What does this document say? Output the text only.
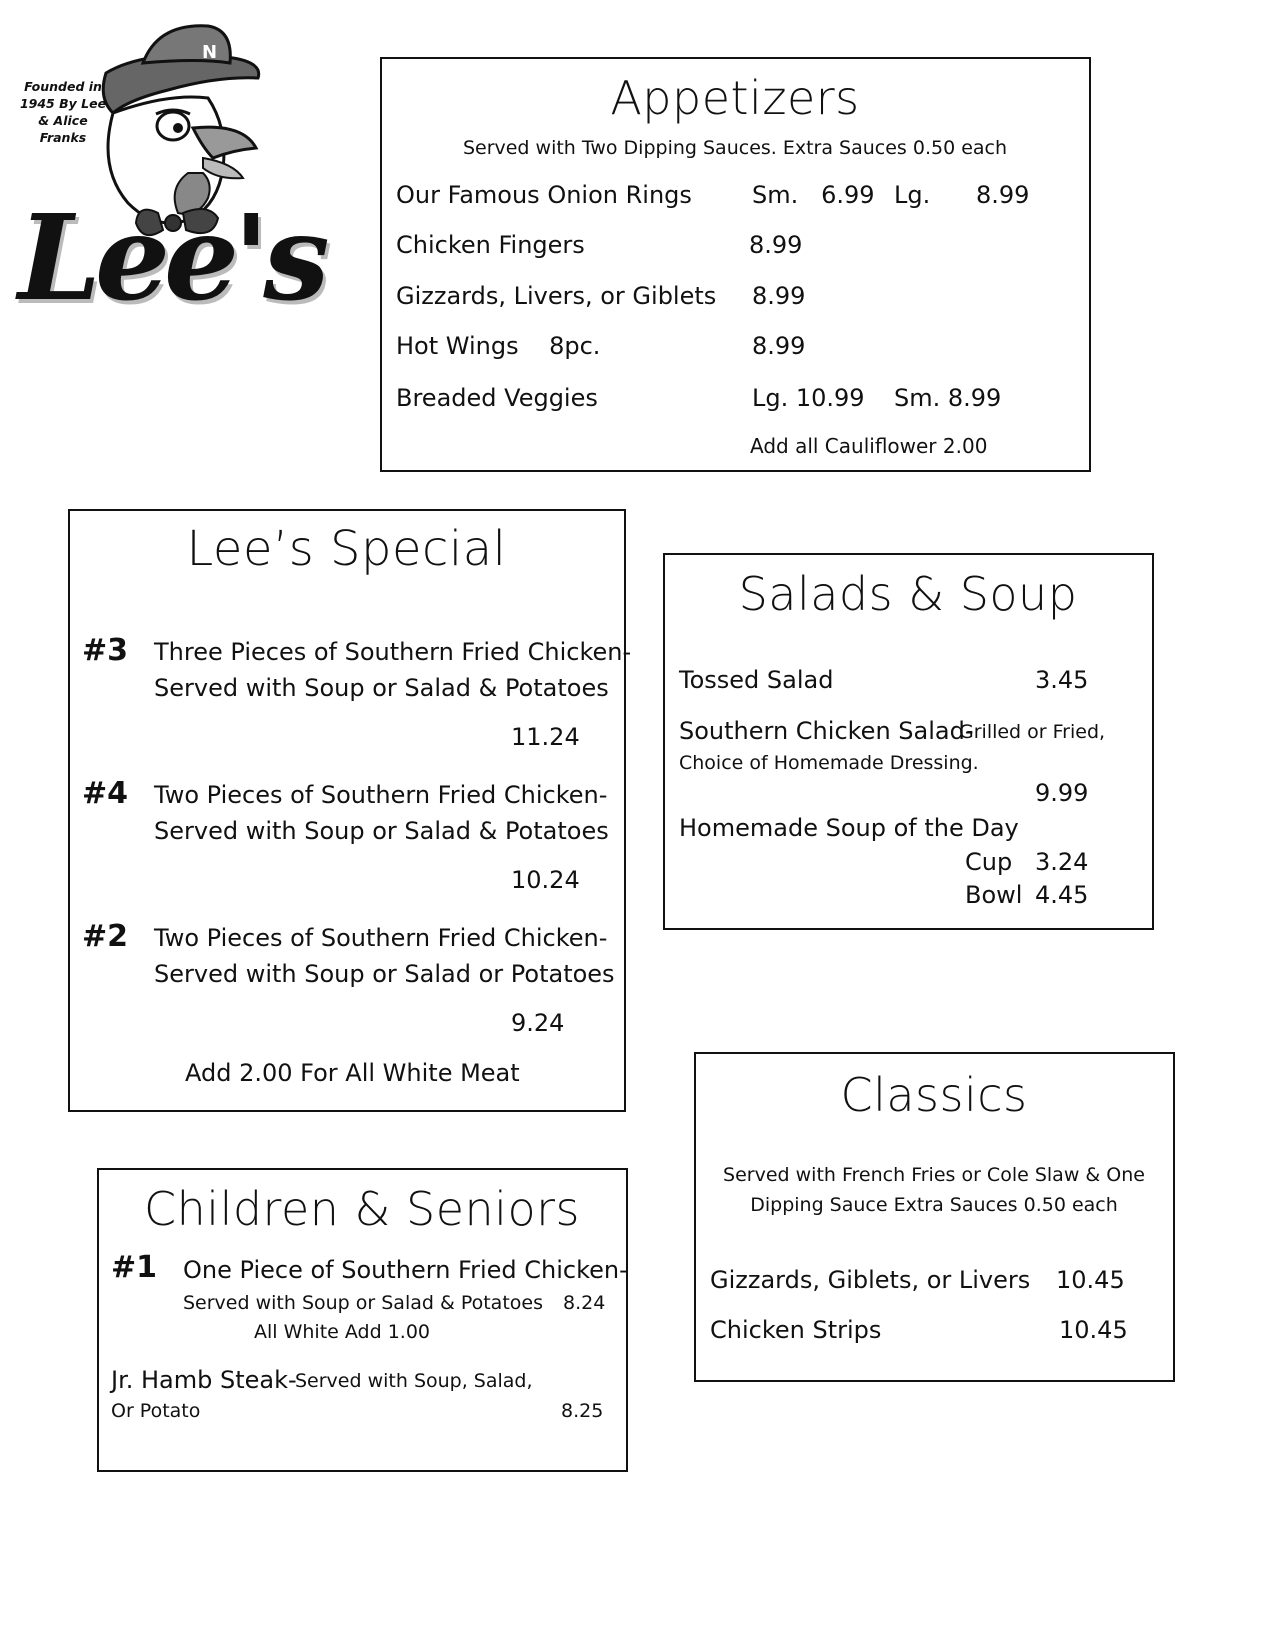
N
Founded in 1945 By Lee & Alice Franks
Lee's
Appetizers
Served with Two Dipping Sauces. Extra Sauces 0.50 each
Our Famous Onion Rings	Sm.   6.99 Lg.      8.99
Chicken Fingers	8.99
Gizzards, Livers, or Giblets 8.99
Hot Wings    8pc.	8.99
Breaded Veggies	Lg. 10.99 Sm. 8.99
Add all Cauliflower 2.00
Lee’s Special
#3 Three Pieces of Southern Fried Chicken-
Served with Soup or Salad & Potatoes
11.24
#4 Two Pieces of Southern Fried Chicken-
Served with Soup or Salad & Potatoes
10.24
#2 Two Pieces of Southern Fried Chicken-
Served with Soup or Salad or Potatoes
9.24
Add 2.00 For All White Meat
Salads & Soup
Tossed Salad	3.45
Southern Chicken Salad-
Grilled or Fried,
Choice of Homemade Dressing.
9.99
Homemade Soup of the Day
Cup 3.24
Bowl 4.45
Classics
Served with French Fries or Cole Slaw & One
Dipping Sauce Extra Sauces 0.50 each
Gizzards, Giblets, or Livers 10.45
Chicken Strips	10.45
Children & Seniors
#1 One Piece of Southern Fried Chicken-
Served with Soup or Salad & Potatoes 8.24
All White Add 1.00
Jr. Hamb Steak-
Served with Soup, Salad,
Or Potato	8.25
